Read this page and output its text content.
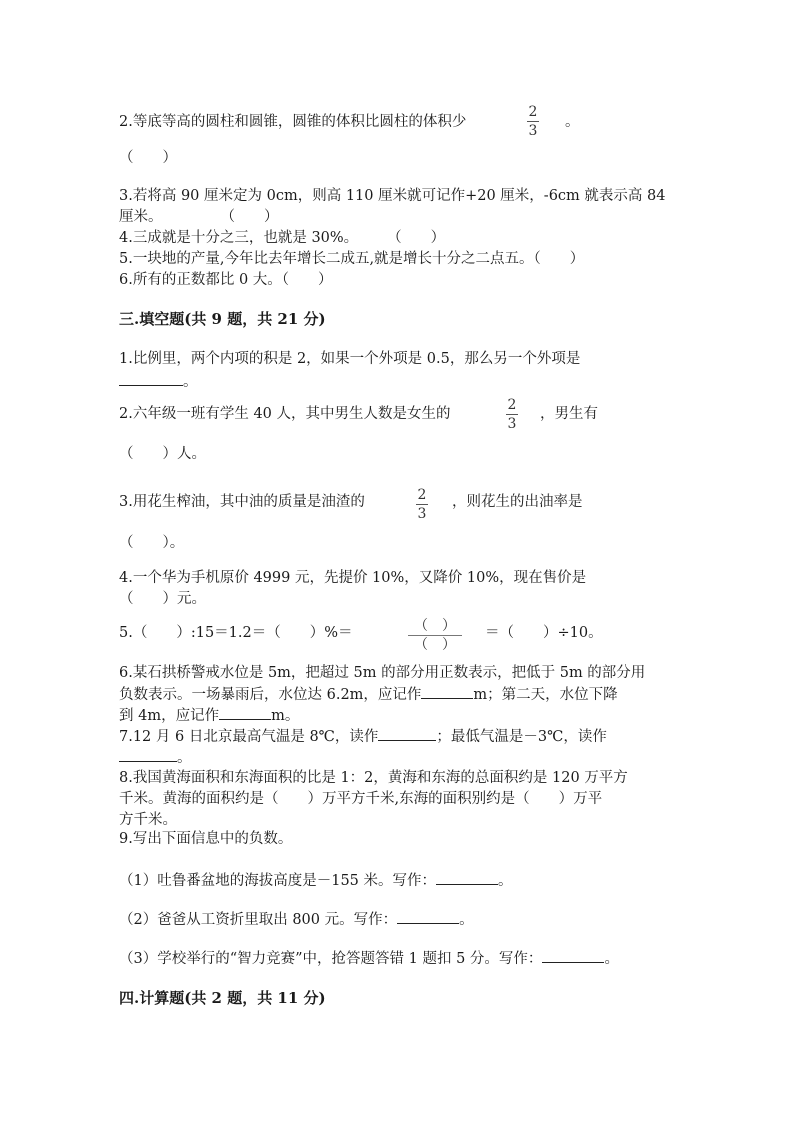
2.等底等高的圆柱和圆锥，圆锥的体积比圆柱的体积少
2
3
。
（　　）
3.若将高 90 厘米定为 0cm，则高 110 厘米就可记作+20 厘米，-6cm 就表示高 84
厘米。　　　　　（　　）
4.三成就是十分之三，也就是 30%。　　　（　　）
5.一块地的产量,今年比去年增长二成五,就是增长十分之二点五。（　　）
6.所有的正数都比 0 大。（　　）
三.填空题(共 9 题，共 21 分)
1.比例里，两个内项的积是 2，如果一个外项是 0.5，那么另一个外项是
。
2.六年级一班有学生 40 人，其中男生人数是女生的
2
3
，男生有
（　　）人。
3.用花生榨油，其中油的质量是油渣的	2
3
，则花生的出油率是
（　　）。
4.一个华为手机原价 4999 元，先提价 10%，又降价 10%，现在售价是
（　　）元。
5.（　　）:15＝1.2＝（　　）%＝	（　）
（　）
＝（　　）÷10。
6.某石拱桥警戒水位是 5m，把超过 5m 的部分用正数表示，把低于 5m 的部分用
负数表示。一场暴雨后，水位达 6.2m，应记作	m；第二天，水位下降
到 4m，应记作	m。
7.12 月 6 日北京最高气温是 8℃，读作	；最低气温是－3℃，读作
。
8.我国黄海面积和东海面积的比是 1：2，黄海和东海的总面积约是 120 万平方
千米。黄海的面积约是（　　）万平方千米,东海的面积别约是（　　）万平
方千米。
9.写出下面信息中的负数。
（1）吐鲁番盆地的海拔高度是－155 米。写作：	。
（2）爸爸从工资折里取出 800 元。写作：	。
（3）学校举行的“智力竞赛”中，抢答题答错 1 题扣 5 分。写作：	。
四.计算题(共 2 题，共 11 分)
